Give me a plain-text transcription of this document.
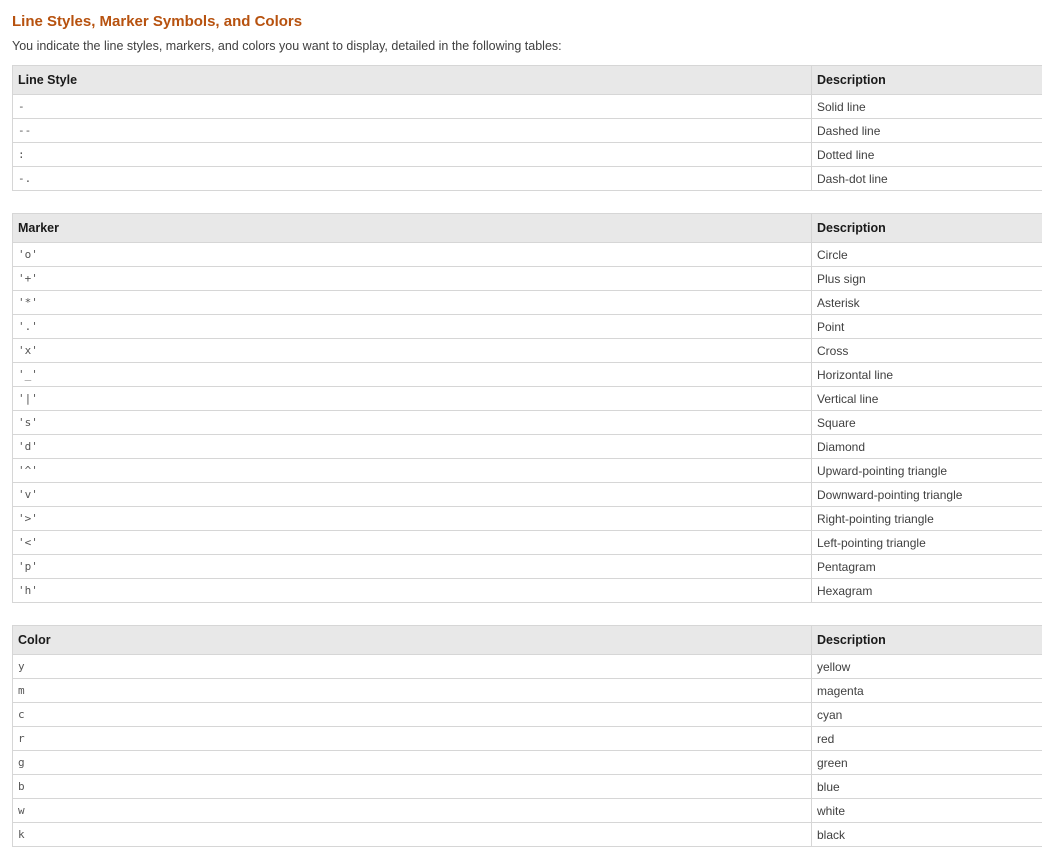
Line Styles, Marker Symbols, and Colors

You indicate the line styles, markers, and colors you want to display, detailed in the following tables:

Line Style	Description
-	Solid line
--	Dashed line
:	Dotted line
-.	Dash-dot line
Marker	Description
'o'	Circle
'+'	Plus sign
'*'	Asterisk
'.'	Point
'x'	Cross
'_'	Horizontal line
'|'	Vertical line
's'	Square
'd'	Diamond
'^'	Upward-pointing triangle
'v'	Downward-pointing triangle
'>'	Right-pointing triangle
'<'	Left-pointing triangle
'p'	Pentagram
'h'	Hexagram
Color	Description
y	yellow
m	magenta
c	cyan
r	red
g	green
b	blue
w	white
k	black
